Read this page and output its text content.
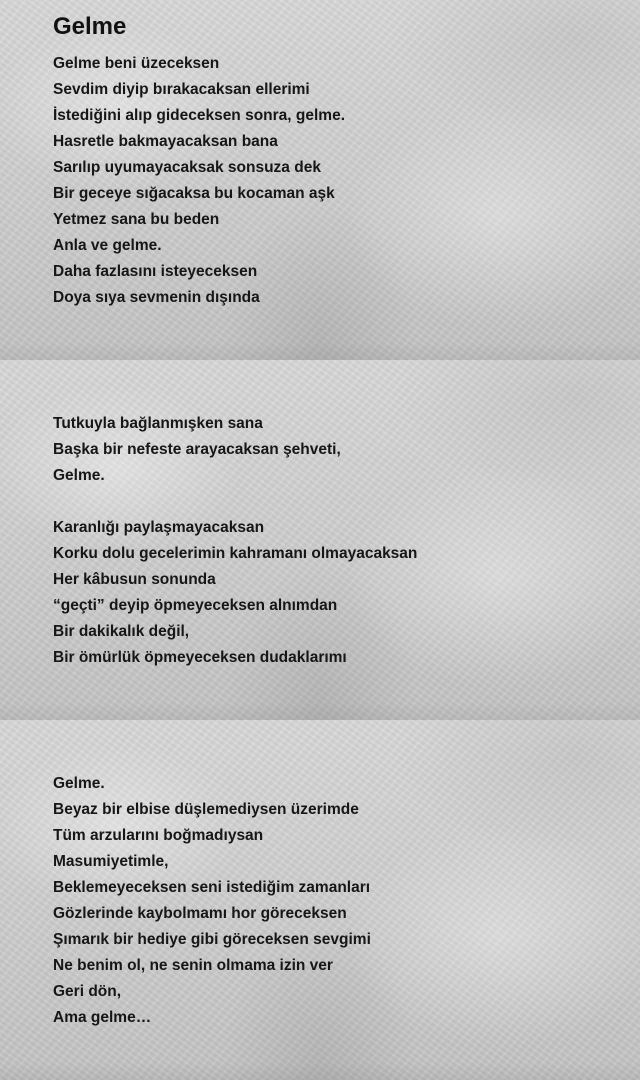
Gelme
Gelme beni üzeceksen
Sevdim diyip bırakacaksan ellerimi
İstediğini alıp gideceksen sonra, gelme.
Hasretle bakmayacaksan bana
Sarılıp uyumayacaksak sonsuza dek
Bir geceye sığacaksa bu kocaman aşk
Yetmez sana bu beden
Anla ve gelme.
Daha fazlasını isteyeceksen
Doya sıya sevmenin dışında
Tutkuyla bağlanmışken sana
Başka bir nefeste arayacaksan şehveti,
Gelme.
Karanlığı paylaşmayacaksan
Korku dolu gecelerimin kahramanı olmayacaksan
Her kâbusun sonunda
“geçti” deyip öpmeyeceksen alnımdan
Bir dakikalık değil,
Bir ömürlük öpmeyeceksen dudaklarımı
Gelme.
Beyaz bir elbise düşlemediysen üzerimde
Tüm arzularını boğmadıysan
Masumiyetimle,
Beklemeyeceksen seni istediğim zamanları
Gözlerinde kaybolmamı hor göreceksen
Şımarık bir hediye gibi göreceksen sevgimi
Ne benim ol, ne senin olmama izin ver
Geri dön,
Ama gelme…
